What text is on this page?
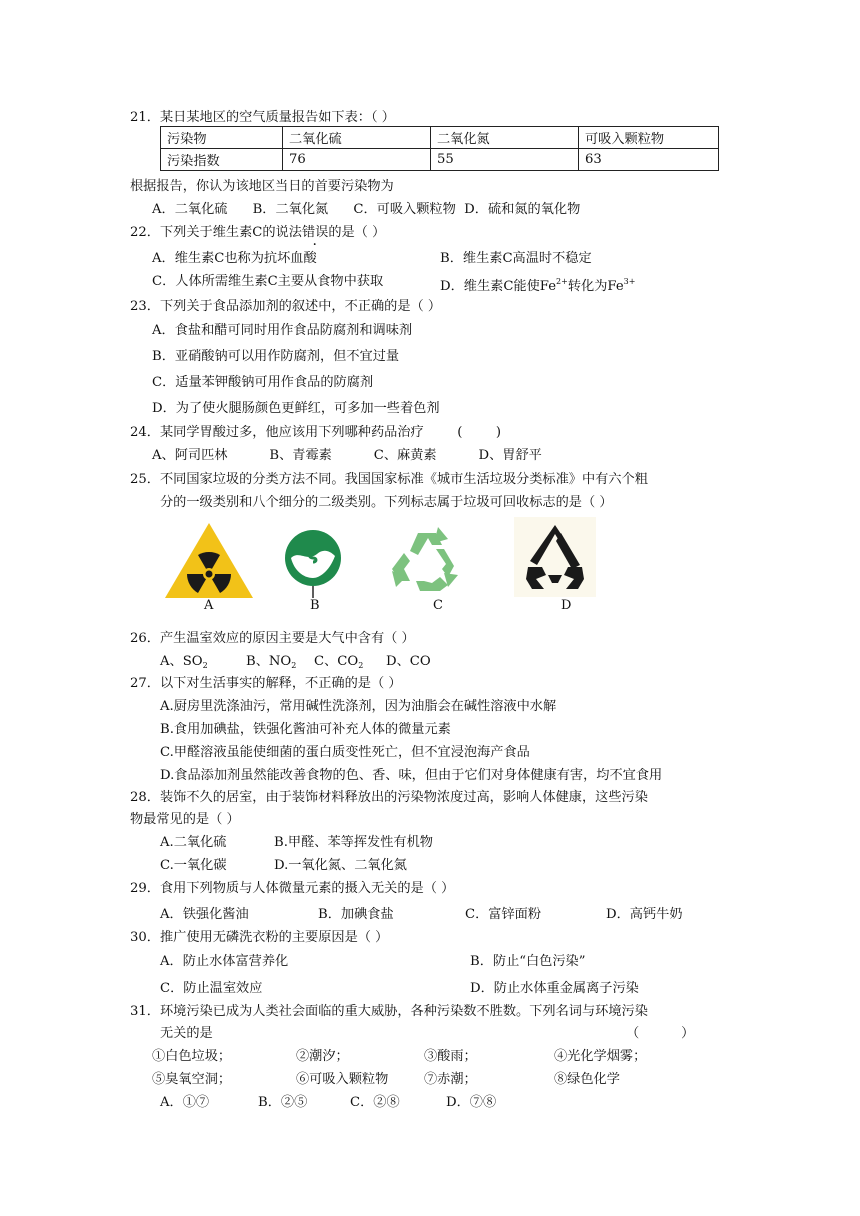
21．某日某地区的空气质量报告如下表：（ ）
污染物	二氧化硫	二氧化氮	可吸入颗粒物
污染指数	76	55	63
根据报告，你认为该地区当日的首要污染物为
A．二氧化硫      B．二氧化氮      C．可吸入颗粒物  D．硫和氮的氧化物
22．下列关于维生素C的说法错误的是（ ）
A．维生素C也称为抗坏血酸	B．维生素C高温时不稳定
C．人体所需维生素C主要从食物中获取	D．维生素C能使$Fe^{2+}$转化为$Fe^{3+}$
23．下列关于食品添加剂的叙述中，不正确的是（ ）
A．食盐和醋可同时用作食品防腐剂和调味剂
B．亚硝酸钠可以用作防腐剂，但不宜过量
C．适量苯钾酸钠可用作食品的防腐剂
D．为了使火腿肠颜色更鲜红，可多加一些着色剂
24．某同学胃酸过多，他应该用下列哪种药品治疗        (        )
A、阿司匹林          B、青霉素          C、麻黄素          D、胃舒平
25．不同国家垃圾的分类方法不同。我国国家标准《城市生活垃圾分类标准》中有六个粗
分的一级类别和八个细分的二级类别。下列标志属于垃圾可回收标志的是（ ）
A	B	C	D
26．产生温室效应的原因主要是大气中含有（ ）
A、$SO_2$	B、$NO_2$ C、$CO_2$ D、CO
27．以下对生活事实的解释，不正确的是（ ）
A.厨房里洗涤油污，常用碱性洗涤剂，因为油脂会在碱性溶液中水解
B.食用加碘盐，铁强化酱油可补充人体的微量元素
C.甲醛溶液虽能使细菌的蛋白质变性死亡，但不宜浸泡海产食品
D.食品添加剂虽然能改善食物的色、香、味，但由于它们对身体健康有害，均不宜食用
28．装饰不久的居室，由于装饰材料释放出的污染物浓度过高，影响人体健康，这些污染
物最常见的是（ ）
A.二氧化硫	B.甲醛、苯等挥发性有机物
C.一氧化碳	D.一氧化氮、二氧化氮
29．食用下列物质与人体微量元素的摄入无关的是（ ）
A．铁强化酱油	B．加碘食盐	C．富锌面粉	D．高钙牛奶
30．推广使用无磷洗衣粉的主要原因是（ ）
A．防止水体富营养化	B．防止“白色污染”
C．防止温室效应	D．防止水体重金属离子污染
31．环境污染已成为人类社会面临的重大威胁，各种污染数不胜数。下列名词与环境污染
无关的是	（          ）
①白色垃圾；	②潮汐；	③酸雨；	④光化学烟雾；
⑤臭氧空洞；	⑥可吸入颗粒物	⑦赤潮；	⑧绿色化学
A．①⑦	B．②⑤	C．②⑧	D．⑦⑧
